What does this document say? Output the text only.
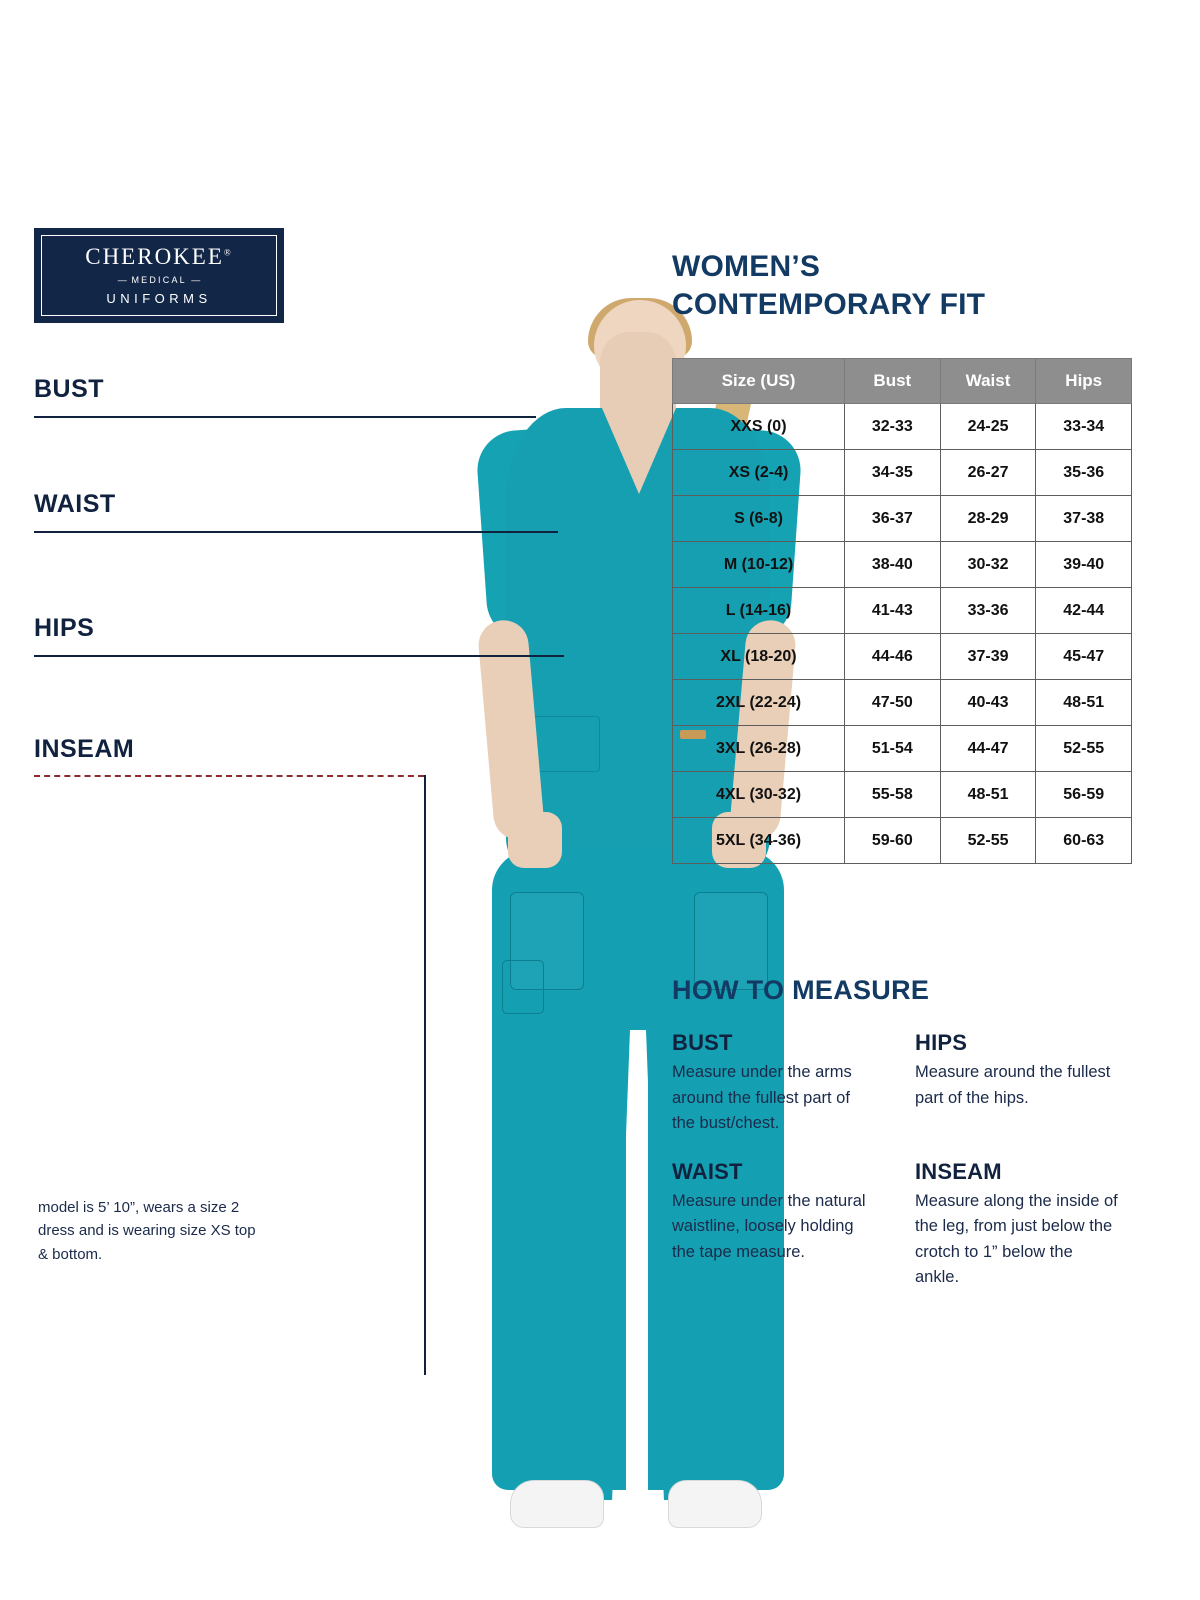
CHEROKEE®
— MEDICAL —
UNIFORMS
BUST
WAIST
HIPS
INSEAM
model is 5’ 10”, wears a size 2 dress and is wearing size XS top & bottom.
WOMEN’S
CONTEMPORARY FIT
Size (US)	Bust	Waist	Hips
XXS (0)	32-33	24-25	33-34
XS (2-4)	34-35	26-27	35-36
S (6-8)	36-37	28-29	37-38
M (10-12)	38-40	30-32	39-40
L (14-16)	41-43	33-36	42-44
XL (18-20)	44-46	37-39	45-47
2XL (22-24)	47-50	40-43	48-51
3XL (26-28)	51-54	44-47	52-55
4XL (30-32)	55-58	48-51	56-59
5XL (34-36)	59-60	52-55	60-63
HOW TO MEASURE
BUST

Measure under the arms around the fullest part of the bust/chest.

HIPS

Measure around the fullest part of the hips.

WAIST

Measure under the natural waistline, loosely holding the tape measure.

INSEAM

Measure along the inside of the leg, from just below the crotch to 1” below the ankle.
